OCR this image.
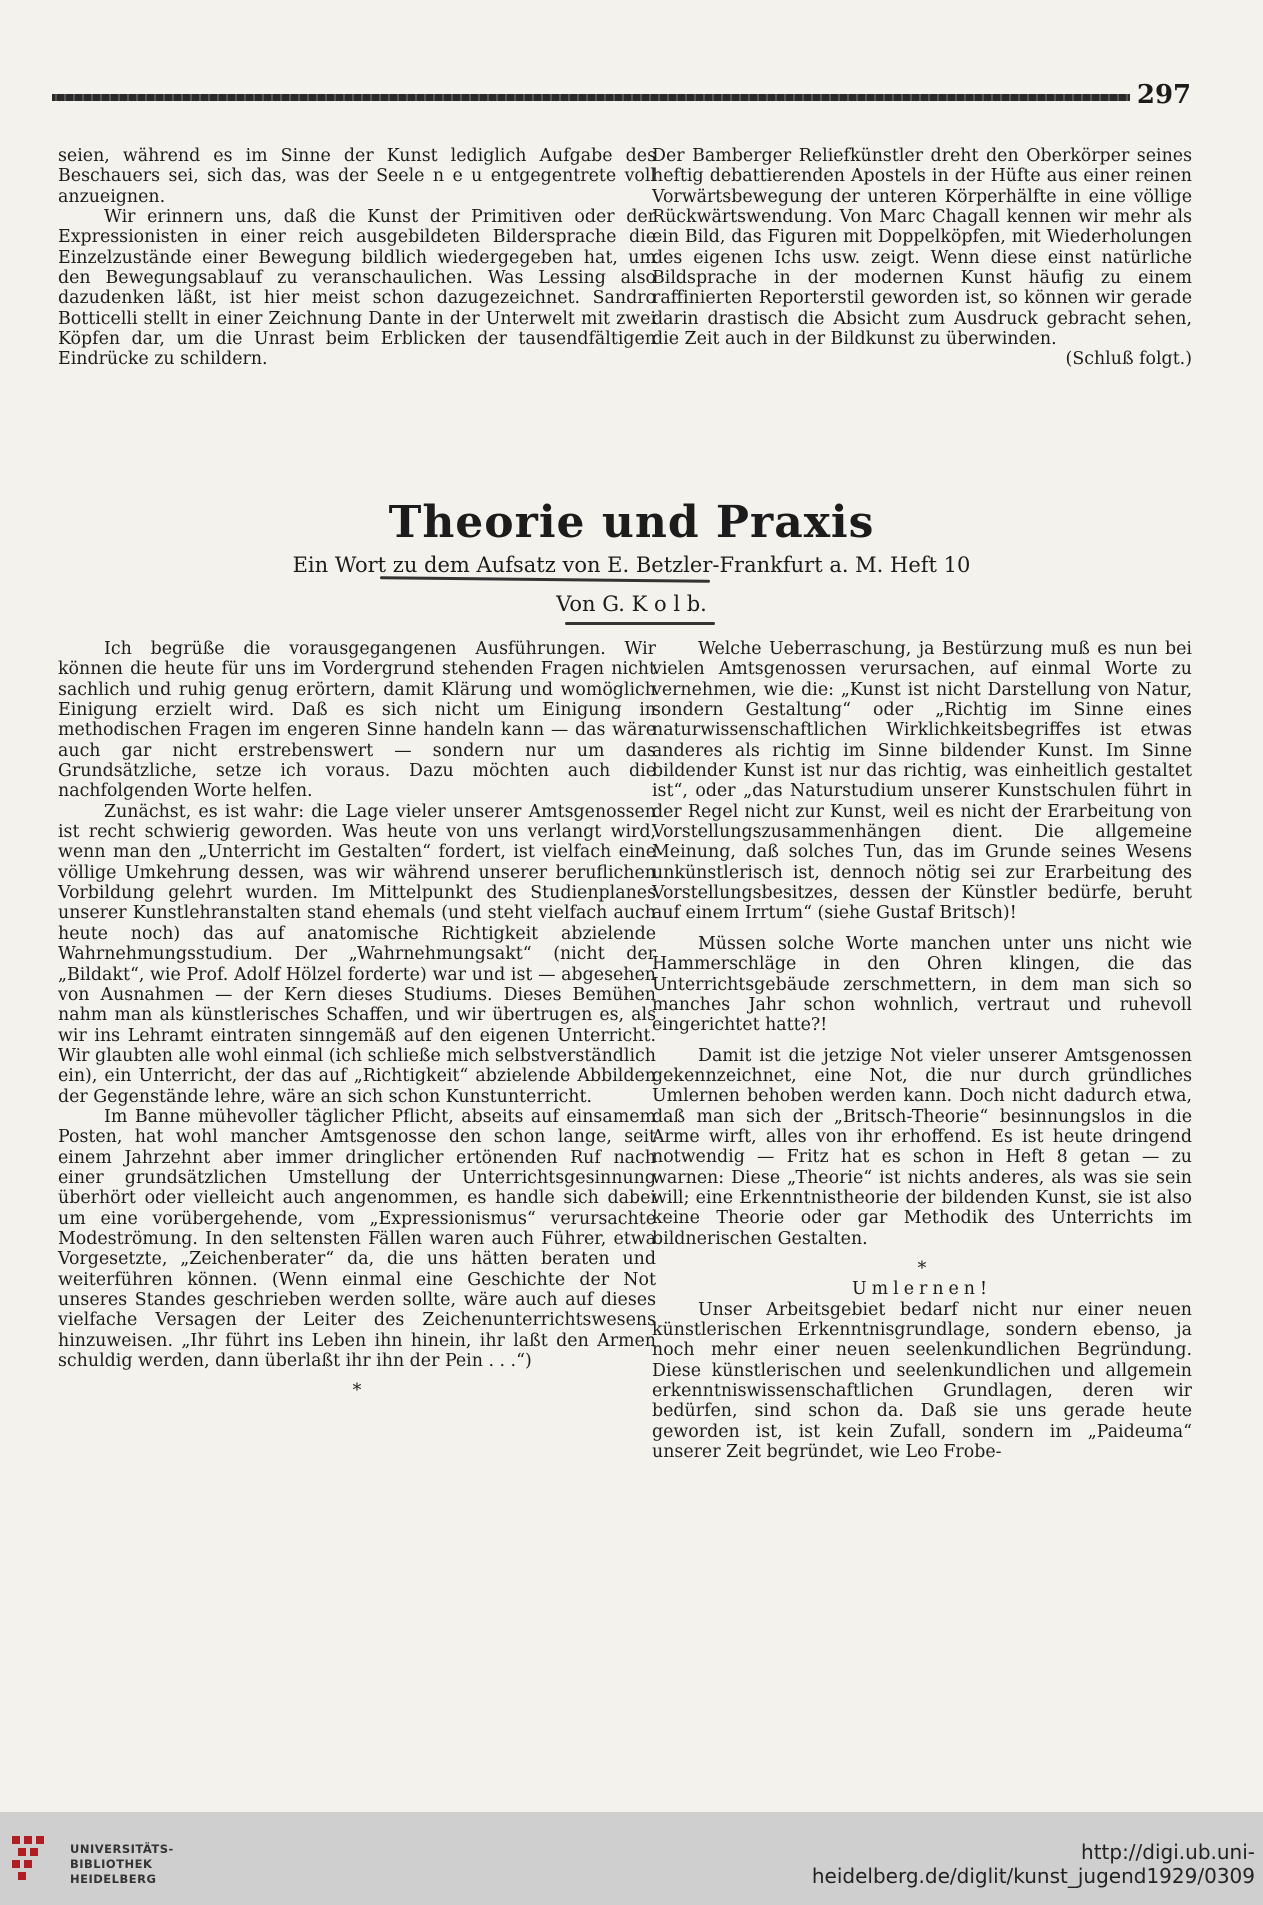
297

seien, während es im Sinne der Kunst lediglich Aufgabe des Beschauers sei, sich das, was der Seele n e u entgegentrete voll anzueignen.

Wir erinnern uns, daß die Kunst der Primitiven oder der Expressionisten in einer reich ausgebildeten Bildersprache die Einzelzustände einer Bewegung bildlich wiedergegeben hat, um den Bewegungsablauf zu veranschaulichen. Was Lessing also dazudenken läßt, ist hier meist schon dazugezeichnet. Sandro Botticelli stellt in einer Zeichnung Dante in der Unterwelt mit zwei Köpfen dar, um die Unrast beim Erblicken der tausendfältigen Eindrücke zu schildern.

Der Bamberger Reliefkünstler dreht den Oberkörper seines heftig debattierenden Apostels in der Hüfte aus einer reinen Vorwärtsbewegung der unteren Körperhälfte in eine völlige Rückwärtswendung. Von Marc Chagall kennen wir mehr als ein Bild, das Figuren mit Doppelköpfen, mit Wiederholungen des eigenen Ichs usw. zeigt. Wenn diese einst natürliche Bildsprache in der modernen Kunst häufig zu einem raffinierten Reporterstil geworden ist, so können wir gerade darin drastisch die Absicht zum Ausdruck gebracht sehen, die Zeit auch in der Bildkunst zu überwinden.

(Schluß folgt.)

Theorie und Praxis
Ein Wort zu dem Aufsatz von E. Betzler-Frankfurt a. M. Heft 10
Von G. K o l b.

Ich begrüße die vorausgegangenen Ausführungen. Wir können die heute für uns im Vordergrund stehenden Fragen nicht sachlich und ruhig genug erörtern, damit Klärung und womöglich Einigung erzielt wird. Daß es sich nicht um Einigung in methodischen Fragen im engeren Sinne handeln kann — das wäre auch gar nicht erstrebenswert — sondern nur um das Grundsätzliche, setze ich voraus. Dazu möchten auch die nachfolgenden Worte helfen.

Zunächst, es ist wahr: die Lage vieler unserer Amtsgenossen ist recht schwierig geworden. Was heute von uns verlangt wird, wenn man den „Unterricht im Gestalten“ fordert, ist vielfach eine völlige Umkehrung dessen, was wir während unserer beruflichen Vorbildung gelehrt wurden. Im Mittelpunkt des Studienplanes unserer Kunstlehranstalten stand ehemals (und steht vielfach auch heute noch) das auf anatomische Richtigkeit abzielende Wahrnehmungsstudium. Der „Wahrnehmungsakt“ (nicht der „Bildakt“, wie Prof. Adolf Hölzel forderte) war und ist — abgesehen von Ausnahmen — der Kern dieses Studiums. Dieses Bemühen nahm man als künstlerisches Schaffen, und wir übertrugen es, als wir ins Lehramt eintraten sinngemäß auf den eigenen Unterricht. Wir glaubten alle wohl einmal (ich schließe mich selbstverständlich ein), ein Unterricht, der das auf „Richtigkeit“ abzielende Abbilden der Gegenstände lehre, wäre an sich schon Kunstunterricht.

Im Banne mühevoller täglicher Pflicht, abseits auf einsamem Posten, hat wohl mancher Amtsgenosse den schon lange, seit einem Jahrzehnt aber immer dringlicher ertönenden Ruf nach einer grundsätzlichen Umstellung der Unterrichtsgesinnung überhört oder vielleicht auch angenommen, es handle sich dabei um eine vorübergehende, vom „Expressionismus“ verursachte Modeströmung. In den seltensten Fällen waren auch Führer, etwa Vorgesetzte, „Zeichenberater“ da, die uns hätten beraten und weiterführen können. (Wenn einmal eine Geschichte der Not unseres Standes geschrieben werden sollte, wäre auch auf dieses vielfache Versagen der Leiter des Zeichenunterrichtswesens hinzuweisen. „Ihr führt ins Leben ihn hinein, ihr laßt den Armen schuldig werden, dann überlaßt ihr ihn der Pein . . .“)

*

Welche Ueberraschung, ja Bestürzung muß es nun bei vielen Amtsgenossen verursachen, auf einmal Worte zu vernehmen, wie die: „Kunst ist nicht Darstellung von Natur, sondern Gestaltung“ oder „Richtig im Sinne eines naturwissenschaftlichen Wirklichkeitsbegriffes ist etwas anderes als richtig im Sinne bildender Kunst. Im Sinne bildender Kunst ist nur das richtig, was einheitlich gestaltet ist“, oder „das Naturstudium unserer Kunstschulen führt in der Regel nicht zur Kunst, weil es nicht der Erarbeitung von Vorstellungszusammenhängen dient. Die allgemeine Meinung, daß solches Tun, das im Grunde seines Wesens unkünstlerisch ist, dennoch nötig sei zur Erarbeitung des Vorstellungsbesitzes, dessen der Künstler bedürfe, beruht auf einem Irrtum“ (siehe Gustaf Britsch)!

Müssen solche Worte manchen unter uns nicht wie Hammerschläge in den Ohren klingen, die das Unterrichtsgebäude zerschmettern, in dem man sich so manches Jahr schon wohnlich, vertraut und ruhevoll eingerichtet hatte?!

Damit ist die jetzige Not vieler unserer Amtsgenossen gekennzeichnet, eine Not, die nur durch gründliches Umlernen behoben werden kann. Doch nicht dadurch etwa, daß man sich der „Britsch-Theorie“ besinnungslos in die Arme wirft, alles von ihr erhoffend. Es ist heute dringend notwendig — Fritz hat es schon in Heft 8 getan — zu warnen: Diese „Theorie“ ist nichts anderes, als was sie sein will; eine Erkenntnistheorie der bildenden Kunst, sie ist also keine Theorie oder gar Methodik des Unterrichts im bildnerischen Gestalten.

*

Umlernen!

Unser Arbeitsgebiet bedarf nicht nur einer neuen künstlerischen Erkenntnisgrundlage, sondern ebenso, ja noch mehr einer neuen seelenkundlichen Begründung. Diese künstlerischen und seelenkundlichen und allgemein erkenntniswissenschaftlichen Grundlagen, deren wir bedürfen, sind schon da. Daß sie uns gerade heute geworden ist, ist kein Zufall, sondern im „Paideuma“ unserer Zeit begründet, wie Leo Frobe-

UNIVERSITÄTS-
BIBLIOTHEK
HEIDELBERG
http://digi.ub.uni-heidelberg.de/diglit/kunst_jugend1929/0309
